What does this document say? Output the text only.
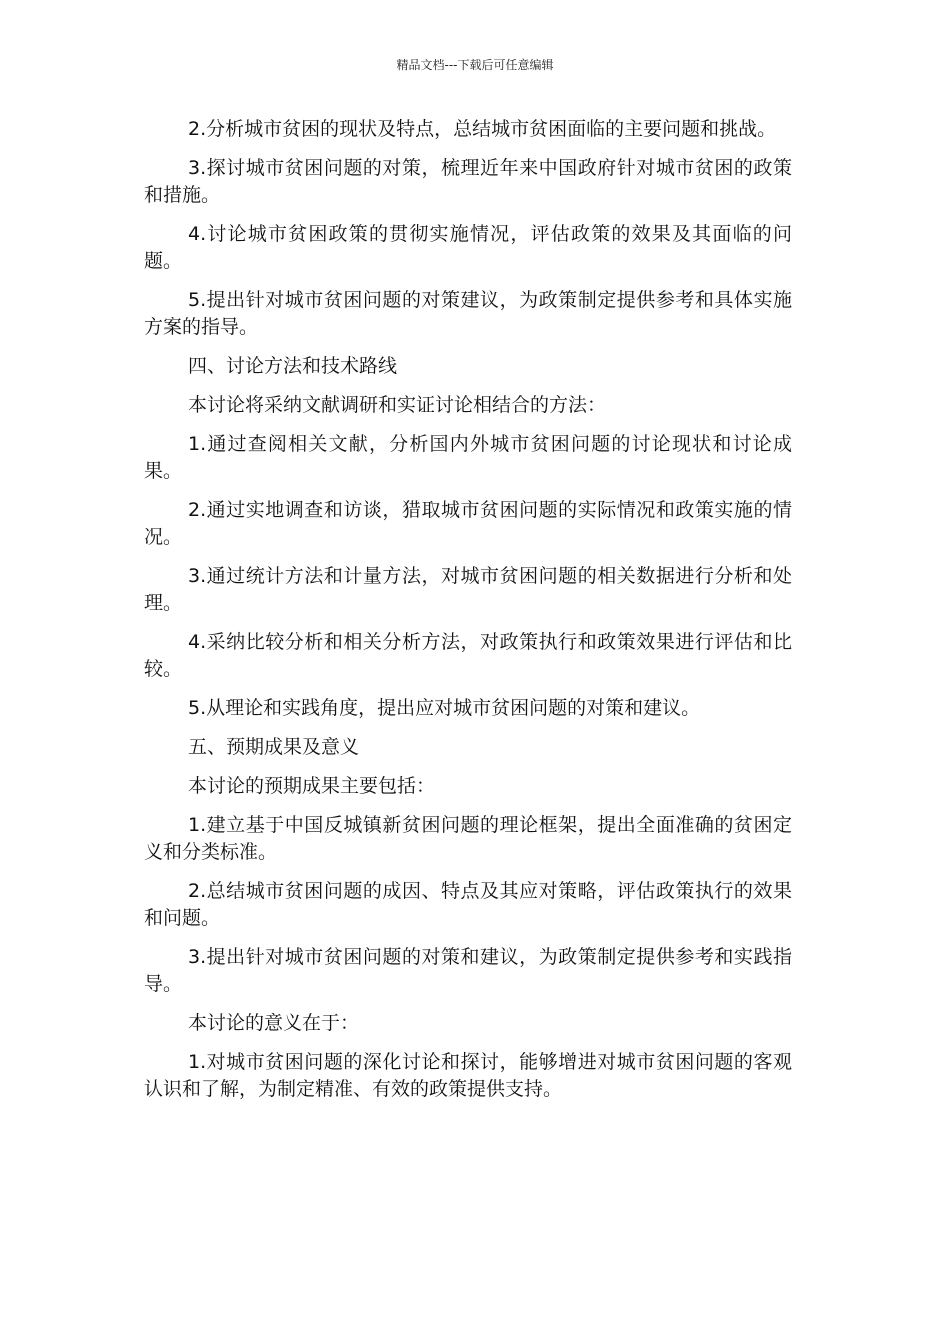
精品文档---下载后可任意编辑

2.分析城市贫困的现状及特点，总结城市贫困面临的主要问题和挑战。

3.探讨城市贫困问题的对策，梳理近年来中国政府针对城市贫困的政策和措施。

4.讨论城市贫困政策的贯彻实施情况，评估政策的效果及其面临的问题。

5.提出针对城市贫困问题的对策建议，为政策制定提供参考和具体实施方案的指导。

四、讨论方法和技术路线

本讨论将采纳文献调研和实证讨论相结合的方法：

1.通过查阅相关文献，分析国内外城市贫困问题的讨论现状和讨论成果。

2.通过实地调查和访谈，猎取城市贫困问题的实际情况和政策实施的情况。

3.通过统计方法和计量方法，对城市贫困问题的相关数据进行分析和处理。

4.采纳比较分析和相关分析方法，对政策执行和政策效果进行评估和比较。

5.从理论和实践角度，提出应对城市贫困问题的对策和建议。

五、预期成果及意义

本讨论的预期成果主要包括：

1.建立基于中国反城镇新贫困问题的理论框架，提出全面准确的贫困定义和分类标准。

2.总结城市贫困问题的成因、特点及其应对策略，评估政策执行的效果和问题。

3.提出针对城市贫困问题的对策和建议，为政策制定提供参考和实践指导。

本讨论的意义在于：

1.对城市贫困问题的深化讨论和探讨，能够增进对城市贫困问题的客观认识和了解，为制定精准、有效的政策提供支持。
